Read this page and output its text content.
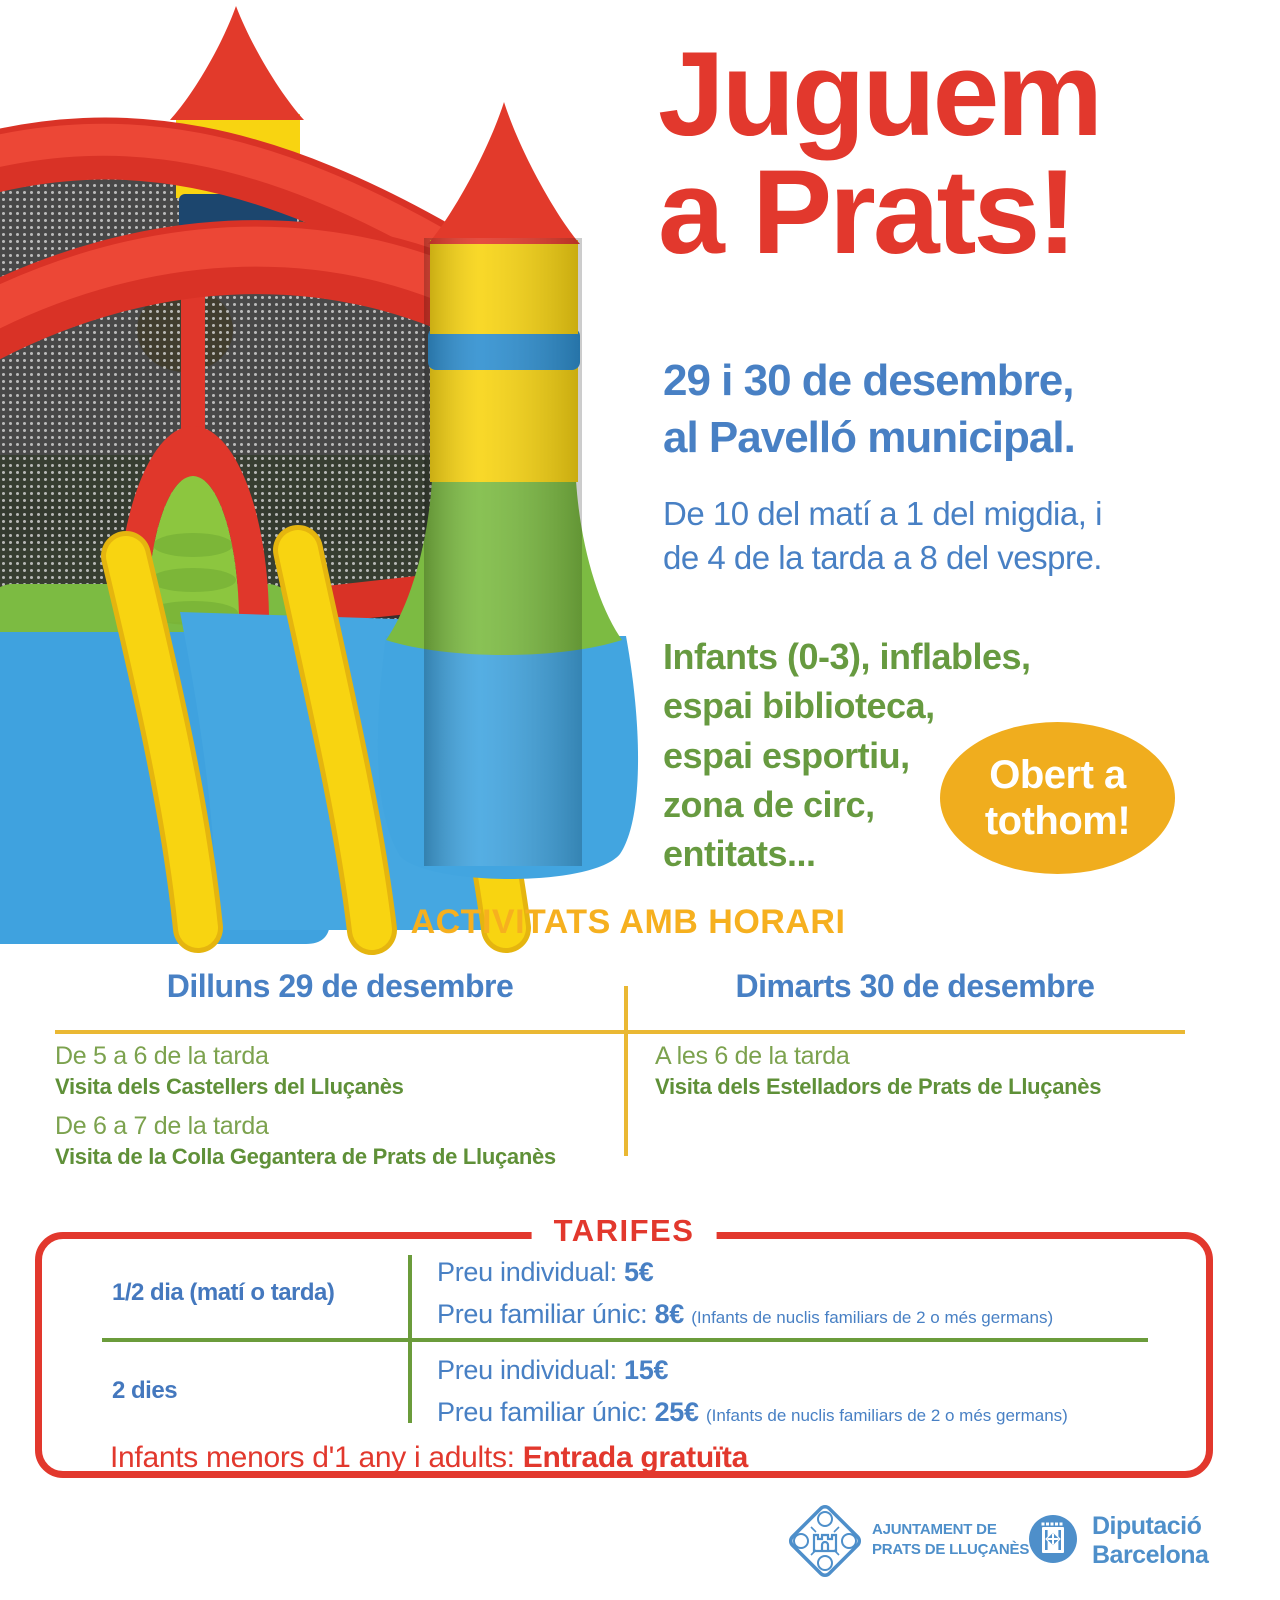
Juguem
a Prats!
29 i 30 de desembre,
al Pavelló municipal.
De 10 del matí a 1 del migdia, i
de 4 de la tarda a 8 del vespre.
Infants (0-3), inflables,
espai biblioteca,
espai esportiu,
zona de circ,
entitats...
Obert a
tothom!
ACTIVITATS AMB HORARI
Dilluns 29 de desembre	Dimarts 30 de desembre
De 5 a 6 de la tarda
Visita dels Castellers del Lluçanès
De 6 a 7 de la tarda
Visita de la Colla Gegantera de Prats de Lluçanès
A les 6 de la tarda
Visita dels Estelladors de Prats de Lluçanès
TARIFES
1/2 dia (matí o tarda)
Preu individual: 5€
Preu familiar únic: 8€ (Infants de nuclis familiars de 2 o més germans)
2 dies
Preu individual: 15€
Preu familiar únic: 25€ (Infants de nuclis familiars de 2 o més germans)
Infants menors d'1 any i adults: Entrada gratuïta
AJUNTAMENT DE
PRATS DE LLUÇANÈS
Diputació
Barcelona
